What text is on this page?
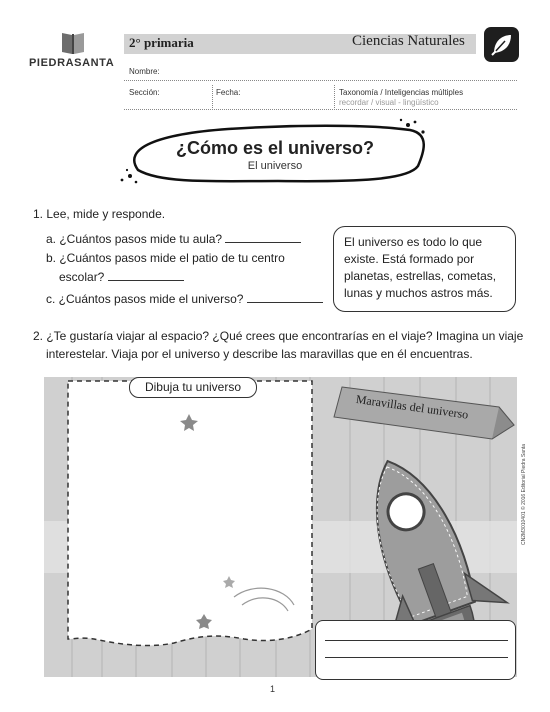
PIEDRASANTA
2° primaria	Ciencias Naturales
Nombre:
Sección:	Fecha:	Taxonomía / Inteligencias múltiples
recordar / visual - lingüístico
¿Cómo es el universo?
El universo
1. Lee, mide y responde.
a. ¿Cuántos pasos mide tu aula?
b. ¿Cuántos pasos mide el patio de tu centro
escolar?
c. ¿Cuántos pasos mide el universo?
El universo es todo lo que existe. Está formado por planetas, estrellas, cometas, lunas y muchos astros más.
2. ¿Te gustaría viajar al espacio? ¿Qué crees que encontrarías en el viaje? Imagina un viaje
interestelar. Viaja por el universo y describe las maravillas que en él encuentras.
Dibuja tu universo
Maravillas del universo
CN2M3010401 © 2016 Editorial Piedra Santa
1
